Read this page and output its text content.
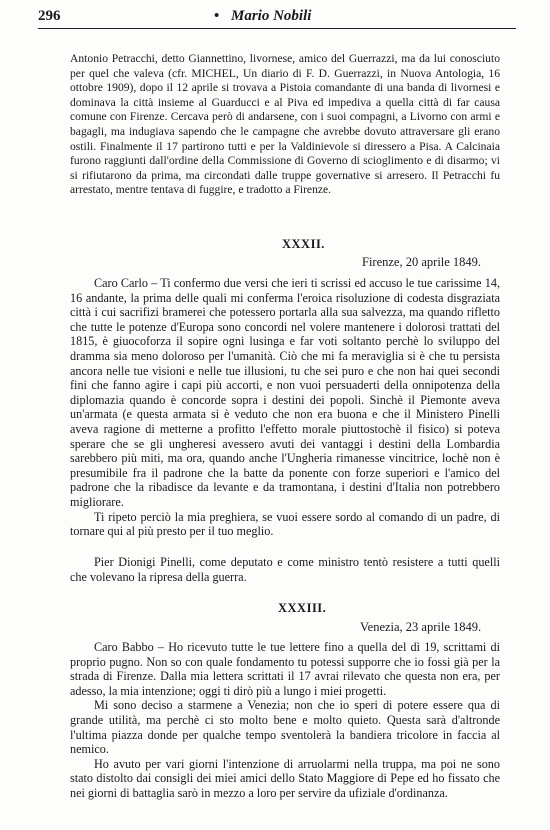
296	• Mario Nobili

Antonio Petracchi, detto Giannettino, livornese, amico del Guerrazzi, ma da lui conosciuto per quel che valeva (cfr. MICHEL, Un diario di F. D. Guerrazzi, in Nuova Antologia, 16 ottobre 1909), dopo il 12 aprile si trovava a Pistoia comandante di una banda di livornesi e dominava la città insieme al Guarducci e al Piva ed impediva a quella città di far causa comune con Firenze. Cercava però di andarsene, con i suoi compagni, a Livorno con armi e bagagli, ma indugiava sapendo che le campagne che avrebbe dovuto attraversare gli erano ostili. Finalmente il 17 partirono tutti e per la Valdinievole si diressero a Pisa. A Calcinaia furono raggiunti dall'ordine della Commissione di Governo di scioglimento e di disarmo; vi si rifiutarono da prima, ma circondati dalle truppe governative si arresero. Il Petracchi fu arrestato, mentre tentava di fuggire, e tradotto a Firenze.

XXXII.
Firenze, 20 aprile 1849.

Caro Carlo – Ti confermo due versi che ieri ti scrissi ed accuso le tue carissime 14, 16 andante, la prima delle quali mi conferma l'eroica risoluzione di codesta disgraziata città i cui sacrifizi bramerei che potessero portarla alla sua salvezza, ma quando rifletto che tutte le potenze d'Europa sono concordi nel volere mantenere i dolorosi trattati del 1815, è giuocoforza il sopire ogni lusinga e far voti soltanto perchè lo sviluppo del dramma sia meno doloroso per l'umanità. Ciò che mi fa meraviglia si è che tu persista ancora nelle tue visioni e nelle tue illusioni, tu che sei puro e che non hai quei secondi fini che fanno agire i capi più accorti, e non vuoi persuaderti della onnipotenza della diplomazia quando è concorde sopra i destini dei popoli. Sinchè il Piemonte aveva un'armata (e questa armata si è veduto che non era buona e che il Ministero Pinelli aveva ragione di metterne a profitto l'effetto morale piuttostochè il fisico) si poteva sperare che se gli ungheresi avessero avuti dei vantaggi i destini della Lombardia sarebbero più miti, ma ora, quando anche l'Ungheria rimanesse vincitrice, lochè non è presumibile fra il padrone che la batte da ponente con forze superiori e l'amico del padrone che la ribadisce da levante e da tramontana, i destini d'Italia non potrebbero migliorare.

Ti ripeto perciò la mia preghiera, se vuoi essere sordo al comando di un padre, di tornare qui al più presto per il tuo meglio.

Pier Dionigi Pinelli, come deputato e come ministro tentò resistere a tutti quelli che volevano la ripresa della guerra.

XXXIII.
Venezia, 23 aprile 1849.

Caro Babbo – Ho ricevuto tutte le tue lettere fino a quella del dì 19, scrittami di proprio pugno. Non so con quale fondamento tu potessi supporre che io fossi già per la strada di Firenze. Dalla mia lettera scrittati il 17 avrai rilevato che questa non era, per adesso, la mia intenzione; oggi ti dirò più a lungo i miei progetti.

Mi sono deciso a starmene a Venezia; non che io speri di potere essere qua di grande utilità, ma perchè ci sto molto bene e molto quieto. Questa sarà d'altronde l'ultima piazza donde per qualche tempo sventolerà la bandiera tricolore in faccia al nemico.

Ho avuto per vari giorni l'intenzione di arruolarmi nella truppa, ma poi ne sono stato distolto dai consigli dei miei amici dello Stato Maggiore di Pepe ed ho fissato che nei giorni di battaglia sarò in mezzo a loro per servire da ufiziale d'ordinanza.
